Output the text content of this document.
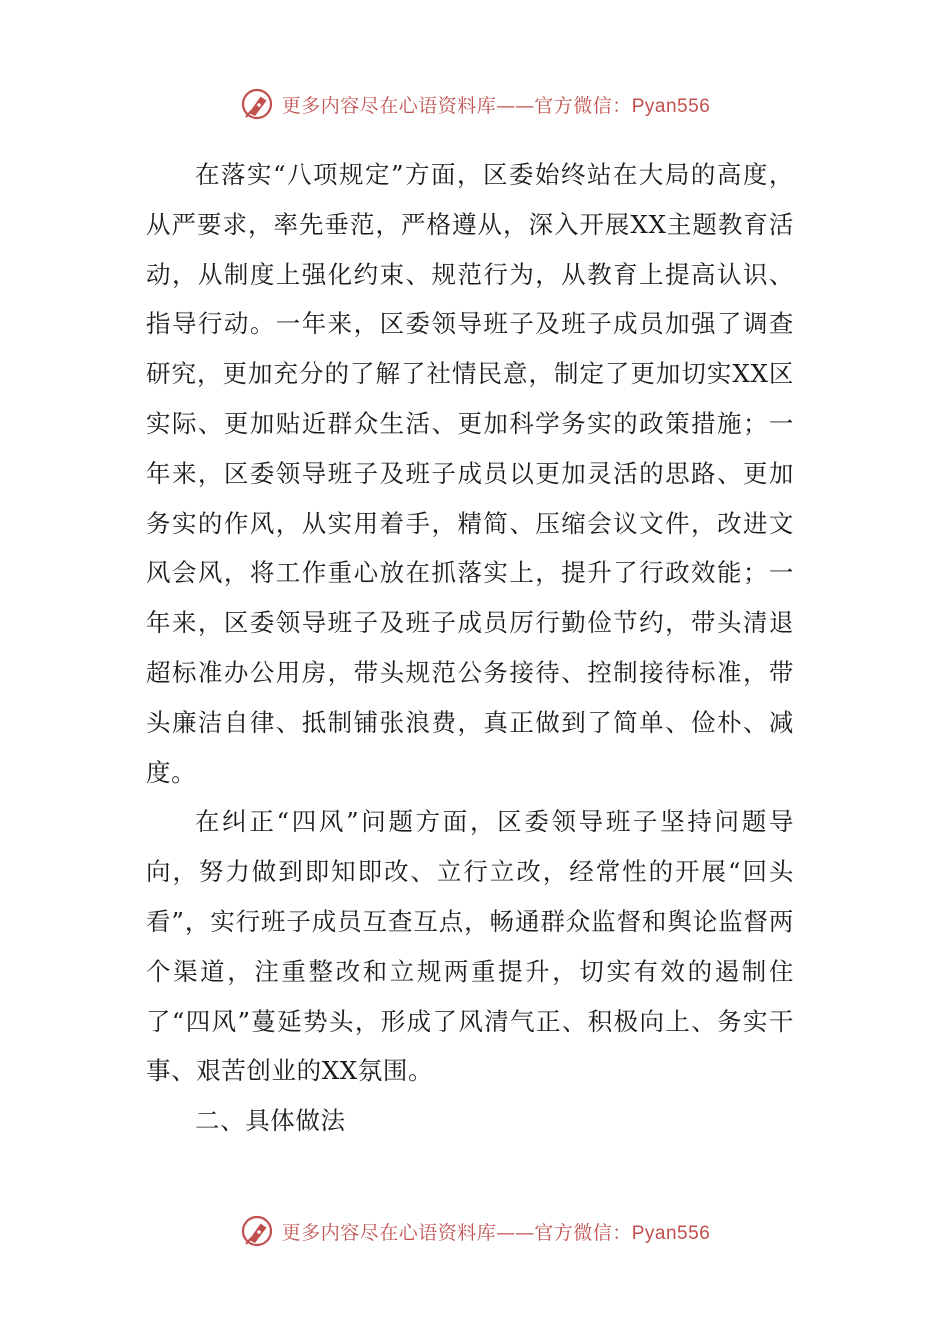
更多内容尽在心语资料库— — 官方微信：Pyan556

在落实“八项规定”方面，区委始终站在大局的高度，从严要求，率先垂范，严格遵从，深入开展XX主题教育活动，从制度上强化约束、规范行为，从教育上提高认识、指导行动。一年来，区委领导班子及班子成员加强了调查研究，更加充分的了解了社情民意，制定了更加切实XX区实际、更加贴近群众生活、更加科学务实的政策措施；一年来，区委领导班子及班子成员以更加灵活的思路、更加务实的作风，从实用着手，精简、压缩会议文件，改进文风会风，将工作重心放在抓落实上，提升了行政效能；一年来，区委领导班子及班子成员厉行勤俭节约，带头清退超标准办公用房，带头规范公务接待、控制接待标准，带头廉洁自律、抵制铺张浪费，真正做到了简单、俭朴、减度。

在纠正“四风”问题方面，区委领导班子坚持问题导向，努力做到即知即改、立行立改，经常性的开展“回头看”，实行班子成员互查互点，畅通群众监督和舆论监督两个渠道，注重整改和立规两重提升，切实有效的遏制住了“四风”蔓延势头，形成了风清气正、积极向上、务实干事、艰苦创业的XX氛围。

二、具体做法

更多内容尽在心语资料库— — 官方微信：Pyan556
